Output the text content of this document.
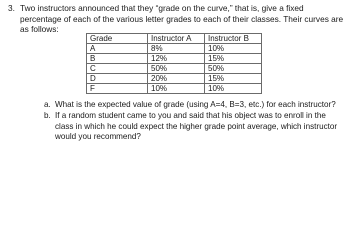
3. Two instructors announced that they “grade on the curve,” that is, give a fixed percentage of each of the various letter grades to each of their classes. Their curves are as follows:
Grade	Instructor A	Instructor B
A	8%	10%
B	12%	15%
C	50%	50%
D	20%	15%
F	10%	10%
a. What is the expected value of grade (using A=4, B=3, etc.) for each instructor?
b. If a random student came to you and said that his object was to enroll in the class in which he could expect the higher grade point average, which instructor would you recommend?
